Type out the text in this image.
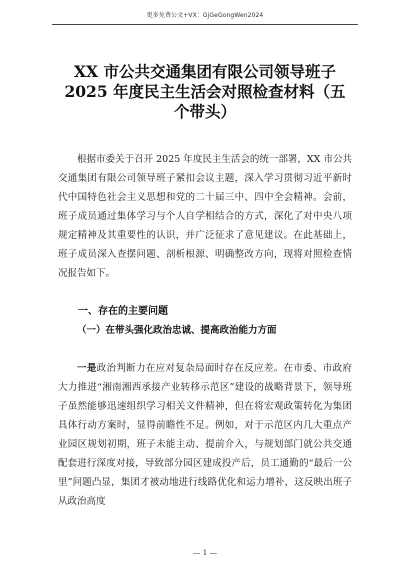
更多免费公文+VX：GjGeGongWen2024
XX 市公共交通集团有限公司领导班子 2025 年度民主生活会对照检查材料（五个带头）
根据市委关于召开 2025 年度民主生活会的统一部署，XX 市公共交通集团有限公司领导班子紧扣会议主题，深入学习贯彻习近平新时代中国特色社会主义思想和党的二十届三中、四中全会精神。会前，班子成员通过集体学习与个人自学相结合的方式，深化了对中央八项规定精神及其重要性的认识，并广泛征求了意见建议。在此基础上，班子成员深入查摆问题、剖析根源、明确整改方向，现将对照检查情况报告如下。
一、存在的主要问题
（一）在带头强化政治忠诚、提高政治能力方面
一是政治判断力在应对复杂局面时存在反应差。在市委、市政府大力推进“湘南湘西承接产业转移示范区”建设的战略背景下，领导班子虽然能够迅速组织学习相关文件精神，但在将宏观政策转化为集团具体行动方案时，显得前瞻性不足。例如，对于示范区内几大重点产业园区规划初期，班子未能主动、提前介入，与规划部门就公共交通配套进行深度对接，导致部分园区建成投产后，员工通勤的“最后一公里”问题凸显，集团才被动地进行线路优化和运力增补，这反映出班子从政治高度
— 1 —
